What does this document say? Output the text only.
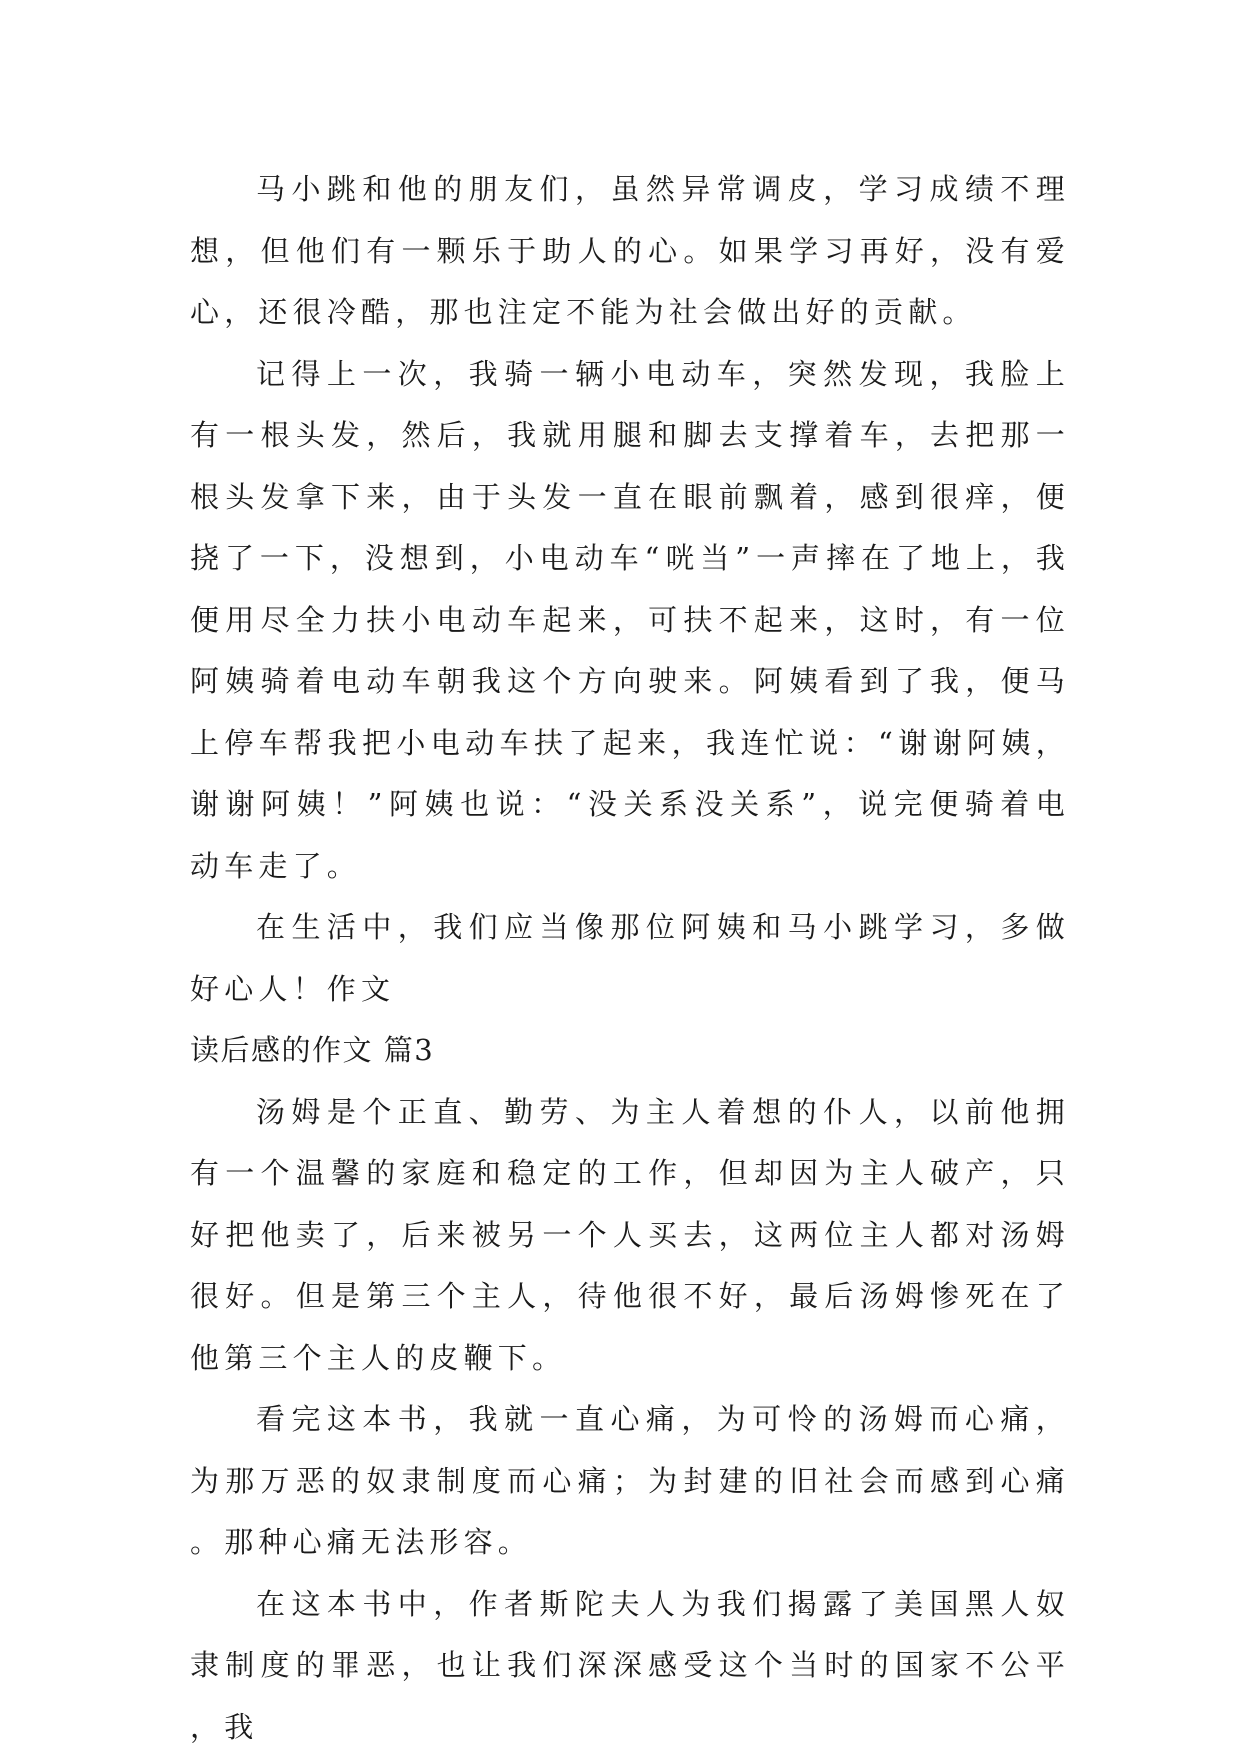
马小跳和他的朋友们，虽然异常调皮，学习成绩不理想，但他们有一颗乐于助人的心。如果学习再好，没有爱心，还很冷酷，那也注定不能为社会做出好的贡献。

记得上一次，我骑一辆小电动车，突然发现，我脸上有一根头发，然后，我就用腿和脚去支撑着车，去把那一根头发拿下来，由于头发一直在眼前飘着，感到很痒，便挠了一下，没想到，小电动车“咣当”一声摔在了地上，我便用尽全力扶小电动车起来，可扶不起来，这时，有一位阿姨骑着电动车朝我这个方向驶来。阿姨看到了我，便马上停车帮我把小电动车扶了起来，我连忙说：“谢谢阿姨，谢谢阿姨！”阿姨也说：“没关系没关系”，说完便骑着电动车走了。

在生活中，我们应当像那位阿姨和马小跳学习，多做好心人！作文

读后感的作文 篇3

汤姆是个正直、勤劳、为主人着想的仆人，以前他拥有一个温馨的家庭和稳定的工作，但却因为主人破产，只好把他卖了，后来被另一个人买去，这两位主人都对汤姆很好。但是第三个主人，待他很不好，最后汤姆惨死在了他第三个主人的皮鞭下。

看完这本书，我就一直心痛，为可怜的汤姆而心痛，为那万恶的奴隶制度而心痛；为封建的旧社会而感到心痛。那种心痛无法形容。

在这本书中，作者斯陀夫人为我们揭露了美国黑人奴隶制度的罪恶，也让我们深深感受这个当时的国家不公平，我
